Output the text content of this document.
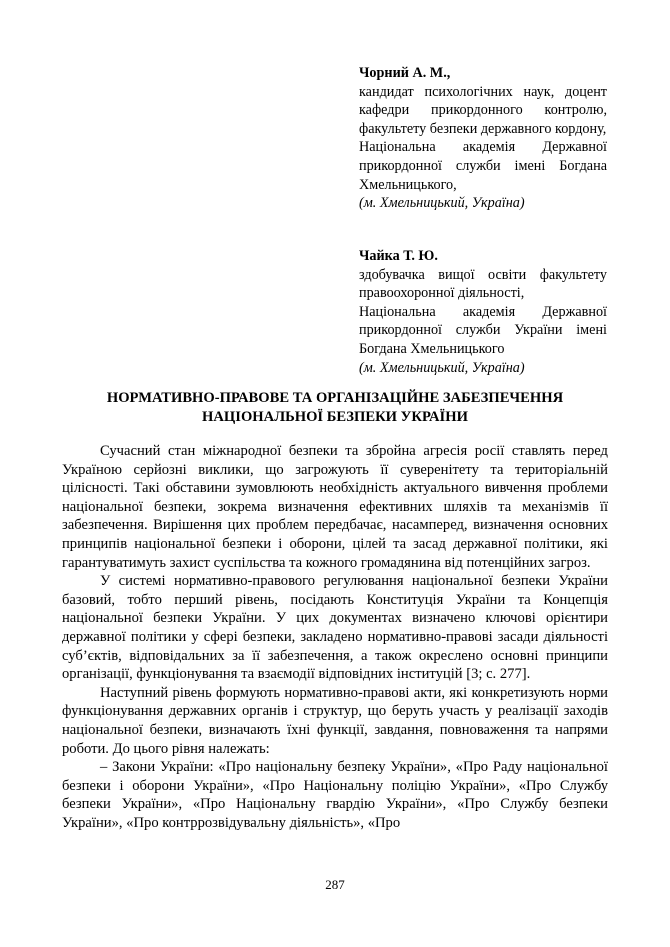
Чорний А. М.,
кандидат психологічних наук, доцент кафедри прикордонного контролю, факультету безпеки державного кордону,
Національна академія Державної прикордонної служби імені Богдана Хмельницького,
(м. Хмельницький, Україна)
Чайка Т. Ю.
здобувачка вищої освіти факультету правоохоронної діяльності,
Національна академія Державної прикордонної служби України імені Богдана Хмельницького
(м. Хмельницький, Україна)
НОРМАТИВНО-ПРАВОВЕ ТА ОРГАНІЗАЦІЙНЕ ЗАБЕЗПЕЧЕННЯ НАЦІОНАЛЬНОЇ БЕЗПЕКИ УКРАЇНИ

Сучасний стан міжнародної безпеки та збройна агресія росії ставлять перед Україною серйозні виклики, що загрожують її суверенітету та територіальній цілісності. Такі обставини зумовлюють необхідність актуального вивчення проблеми національної безпеки, зокрема визначення ефективних шляхів та механізмів її забезпечення. Вирішення цих проблем передбачає, насамперед, визначення основних принципів національної безпеки і оборони, цілей та засад державної політики, які гарантуватимуть захист суспільства та кожного громадянина від потенційних загроз.

У системі нормативно-правового регулювання національної безпеки України базовий, тобто перший рівень, посідають Конституція України та Концепція національної безпеки України. У цих документах визначено ключові орієнтири державної політики у сфері безпеки, закладено нормативно-правові засади діяльності суб’єктів, відповідальних за її забезпечення, а також окреслено основні принципи організації, функціонування та взаємодії відповідних інституцій [3; с. 277].

Наступний рівень формують нормативно-правові акти, які конкретизують норми функціонування державних органів і структур, що беруть участь у реалізації заходів національної безпеки, визначають їхні функції, завдання, повноваження та напрями роботи. До цього рівня належать:

– Закони України: «Про національну безпеку України», «Про Раду національної безпеки і оборони України», «Про Національну поліцію України», «Про Службу безпеки України», «Про Національну гвардію України», «Про Службу безпеки України», «Про контррозвідувальну діяльність», «Про

287
